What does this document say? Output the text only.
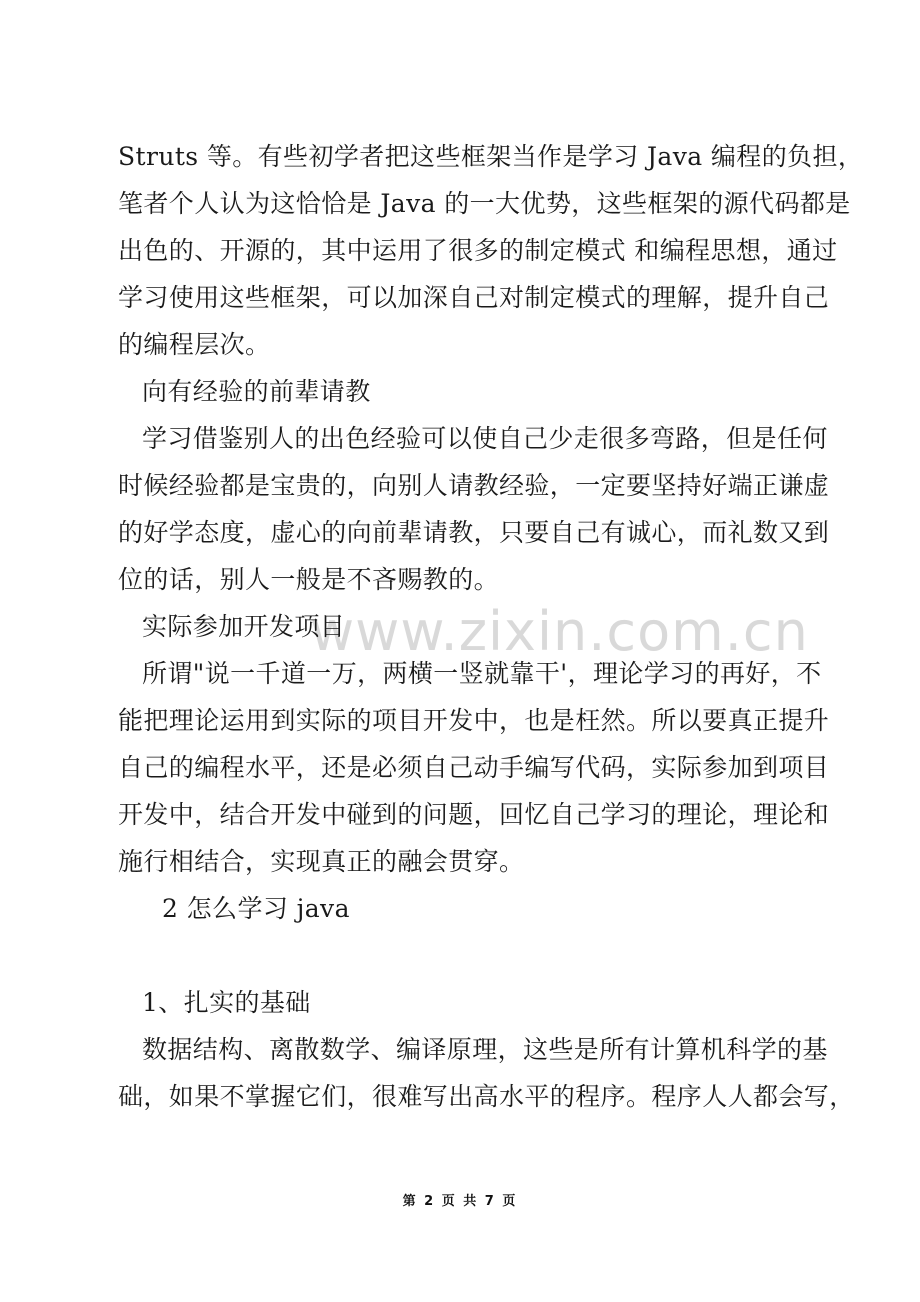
www.zixin.com.cn
Struts 等。有些初学者把这些框架当作是学习 Java 编程的负担，
笔者个人认为这恰恰是 Java 的一大优势，这些框架的源代码都是
出色的、开源的，其中运用了很多的制定模式 和编程思想，通过
学习使用这些框架，可以加深自己对制定模式的理解，提升自己
的编程层次。
向有经验的前辈请教
学习借鉴别人的出色经验可以使自己少走很多弯路，但是任何
时候经验都是宝贵的，向别人请教经验，一定要坚持好端正谦虚
的好学态度，虚心的向前辈请教，只要自己有诚心，而礼数又到
位的话，别人一般是不吝赐教的。
实际参加开发项目
所谓"说一千道一万，两横一竖就靠干'，理论学习的再好，不
能把理论运用到实际的项目开发中，也是枉然。所以要真正提升
自己的编程水平，还是必须自己动手编写代码，实际参加到项目
开发中，结合开发中碰到的问题，回忆自己学习的理论，理论和
施行相结合，实现真正的融会贯穿。
2 怎么学习 java
1、扎实的基础
数据结构、离散数学、编译原理，这些是所有计算机科学的基
础，如果不掌握它们，很难写出高水平的程序。程序人人都会写，
第 2 页 共 7 页
